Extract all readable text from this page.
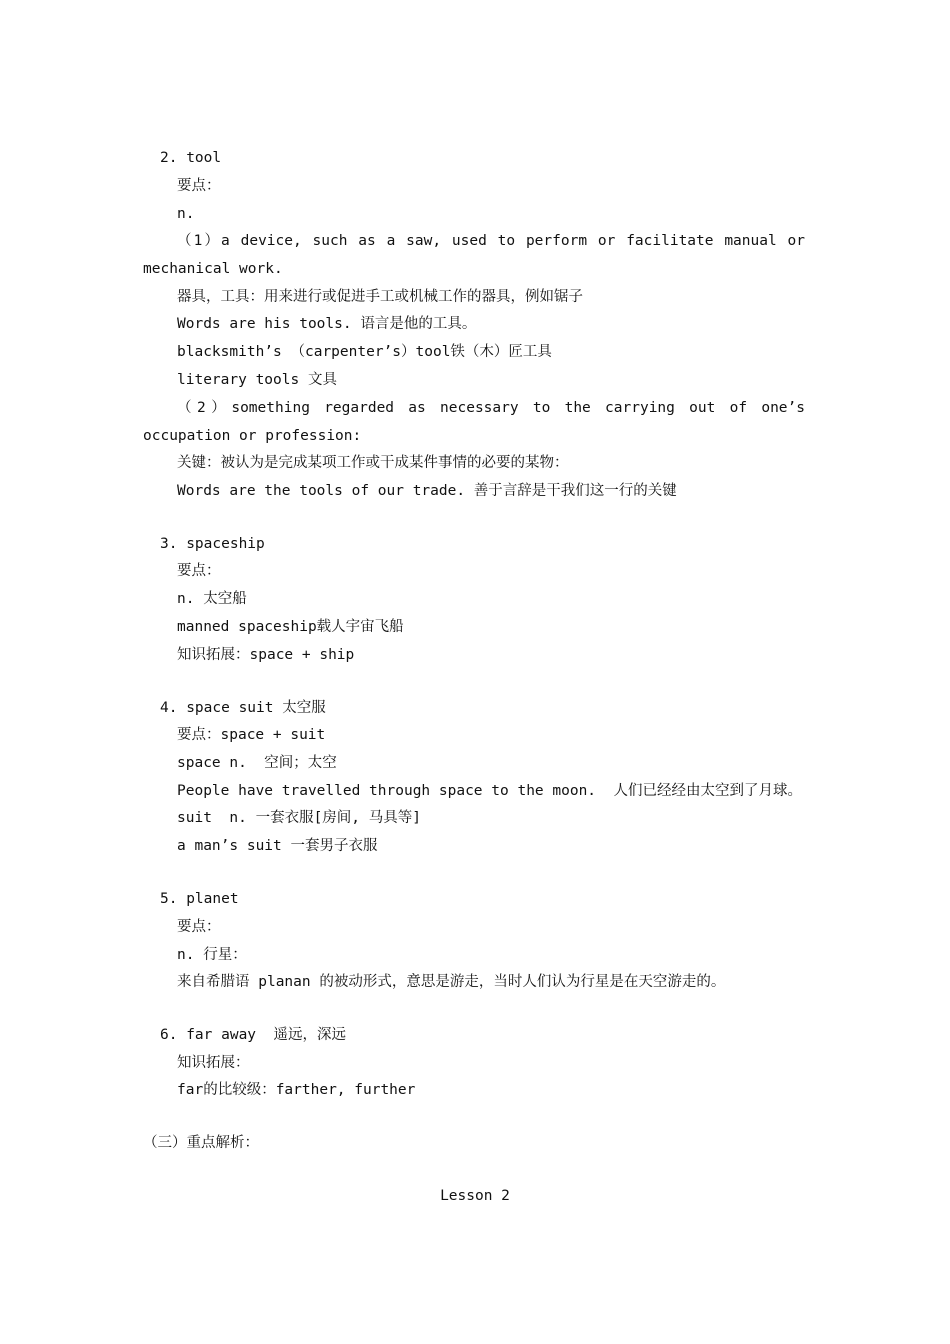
2. tool
要点：
n.
（1）a device, such as a saw, used to perform or facilitate manual or
mechanical work.
器具，工具：用来进行或促进手工或机械工作的器具，例如锯子
Words are his tools. 语言是他的工具。
blacksmith’s （carpenter’s）tool铁（木）匠工具
literary tools 文具
（2）something regarded as necessary to the carrying out of one’s
occupation or profession:
关键：被认为是完成某项工作或干成某件事情的必要的某物：
Words are the tools of our trade. 善于言辞是干我们这一行的关键
3. spaceship
要点：
n. 太空船
manned spaceship载人宇宙飞船
知识拓展：space + ship
4. space suit 太空服
要点：space + suit
space n.  空间；太空
People have travelled through space to the moon.  人们已经经由太空到了月球。
suit  n. 一套衣服[房间, 马具等]
a man’s suit 一套男子衣服
5. planet
要点：
n. 行星：
来自希腊语 planan 的被动形式，意思是游走，当时人们认为行星是在天空游走的。
6. far away  遥远，深远
知识拓展：
far的比较级：farther, further
（三）重点解析：
Lesson 2
